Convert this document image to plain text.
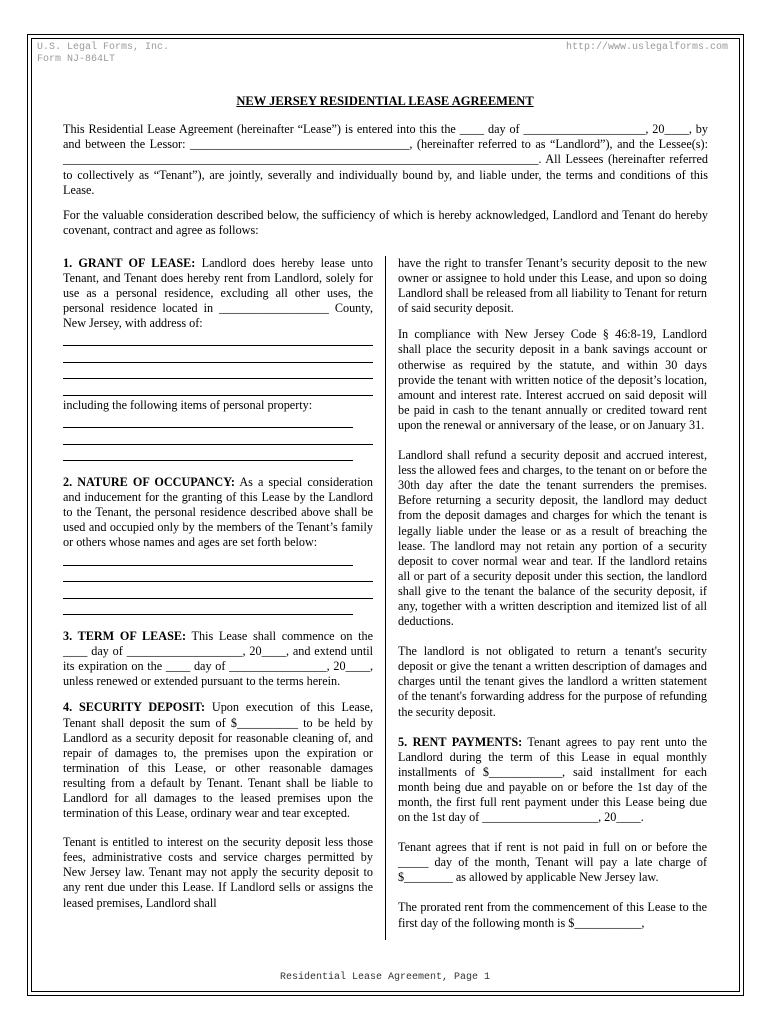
U.S. Legal Forms, Inc.
Form NJ-864LT
http://www.uslegalforms.com
NEW JERSEY RESIDENTIAL LEASE AGREEMENT

This Residential Lease Agreement (hereinafter “Lease”) is entered into this the ____ day of ____________________, 20____, by and between the Lessor: ____________________________________, (hereinafter referred to as “Landlord”), and the Lessee(s): ______________________________________________________________________________. All Lessees (hereinafter referred to collectively as “Tenant”), are jointly, severally and individually bound by, and liable under, the terms and conditions of this Lease.

For the valuable consideration described below, the sufficiency of which is hereby acknowledged, Landlord and Tenant do hereby covenant, contract and agree as follows:

1. GRANT OF LEASE: Landlord does hereby lease unto Tenant, and Tenant does hereby rent from Landlord, solely for use as a personal residence, excluding all other uses, the personal residence located in __________________ County, New Jersey, with address of:

including the following items of personal property:

2. NATURE OF OCCUPANCY: As a special consideration and inducement for the granting of this Lease by the Landlord to the Tenant, the personal residence described above shall be used and occupied only by the members of the Tenant’s family or others whose names and ages are set forth below:

3. TERM OF LEASE: This Lease shall commence on the ____ day of ___________________, 20____, and extend until its expiration on the ____ day of ________________, 20____, unless renewed or extended pursuant to the terms herein.

4. SECURITY DEPOSIT: Upon execution of this Lease, Tenant shall deposit the sum of $__________ to be held by Landlord as a security deposit for reasonable cleaning of, and repair of damages to, the premises upon the expiration or termination of this Lease, or other reasonable damages resulting from a default by Tenant. Tenant shall be liable to Landlord for all damages to the leased premises upon the termination of this Lease, ordinary wear and tear excepted.

Tenant is entitled to interest on the security deposit less those fees, administrative costs and service charges permitted by New Jersey law. Tenant may not apply the security deposit to any rent due under this Lease. If Landlord sells or assigns the leased premises, Landlord shall

have the right to transfer Tenant’s security deposit to the new owner or assignee to hold under this Lease, and upon so doing Landlord shall be released from all liability to Tenant for return of said security deposit.

In compliance with New Jersey Code § 46:8-19, Landlord shall place the security deposit in a bank savings account or otherwise as required by the statute, and within 30 days provide the tenant with written notice of the deposit’s location, amount and interest rate. Interest accrued on said deposit will be paid in cash to the tenant annually or credited toward rent upon the renewal or anniversary of the lease, or on January 31.

Landlord shall refund a security deposit and accrued interest, less the allowed fees and charges, to the tenant on or before the 30th day after the date the tenant surrenders the premises. Before returning a security deposit, the landlord may deduct from the deposit damages and charges for which the tenant is legally liable under the lease or as a result of breaching the lease. The landlord may not retain any portion of a security deposit to cover normal wear and tear. If the landlord retains all or part of a security deposit under this section, the landlord shall give to the tenant the balance of the security deposit, if any, together with a written description and itemized list of all deductions.

The landlord is not obligated to return a tenant's security deposit or give the tenant a written description of damages and charges until the tenant gives the landlord a written statement of the tenant's forwarding address for the purpose of refunding the security deposit.

5. RENT PAYMENTS: Tenant agrees to pay rent unto the Landlord during the term of this Lease in equal monthly installments of $____________, said installment for each month being due and payable on or before the 1st day of the month, the first full rent payment under this Lease being due on the 1st day of ___________________, 20____.

Tenant agrees that if rent is not paid in full on or before the _____ day of the month, Tenant will pay a late charge of $________ as allowed by applicable New Jersey law.

The prorated rent from the commencement of this Lease to the first day of the following month is $___________,

Residential Lease Agreement, Page 1
